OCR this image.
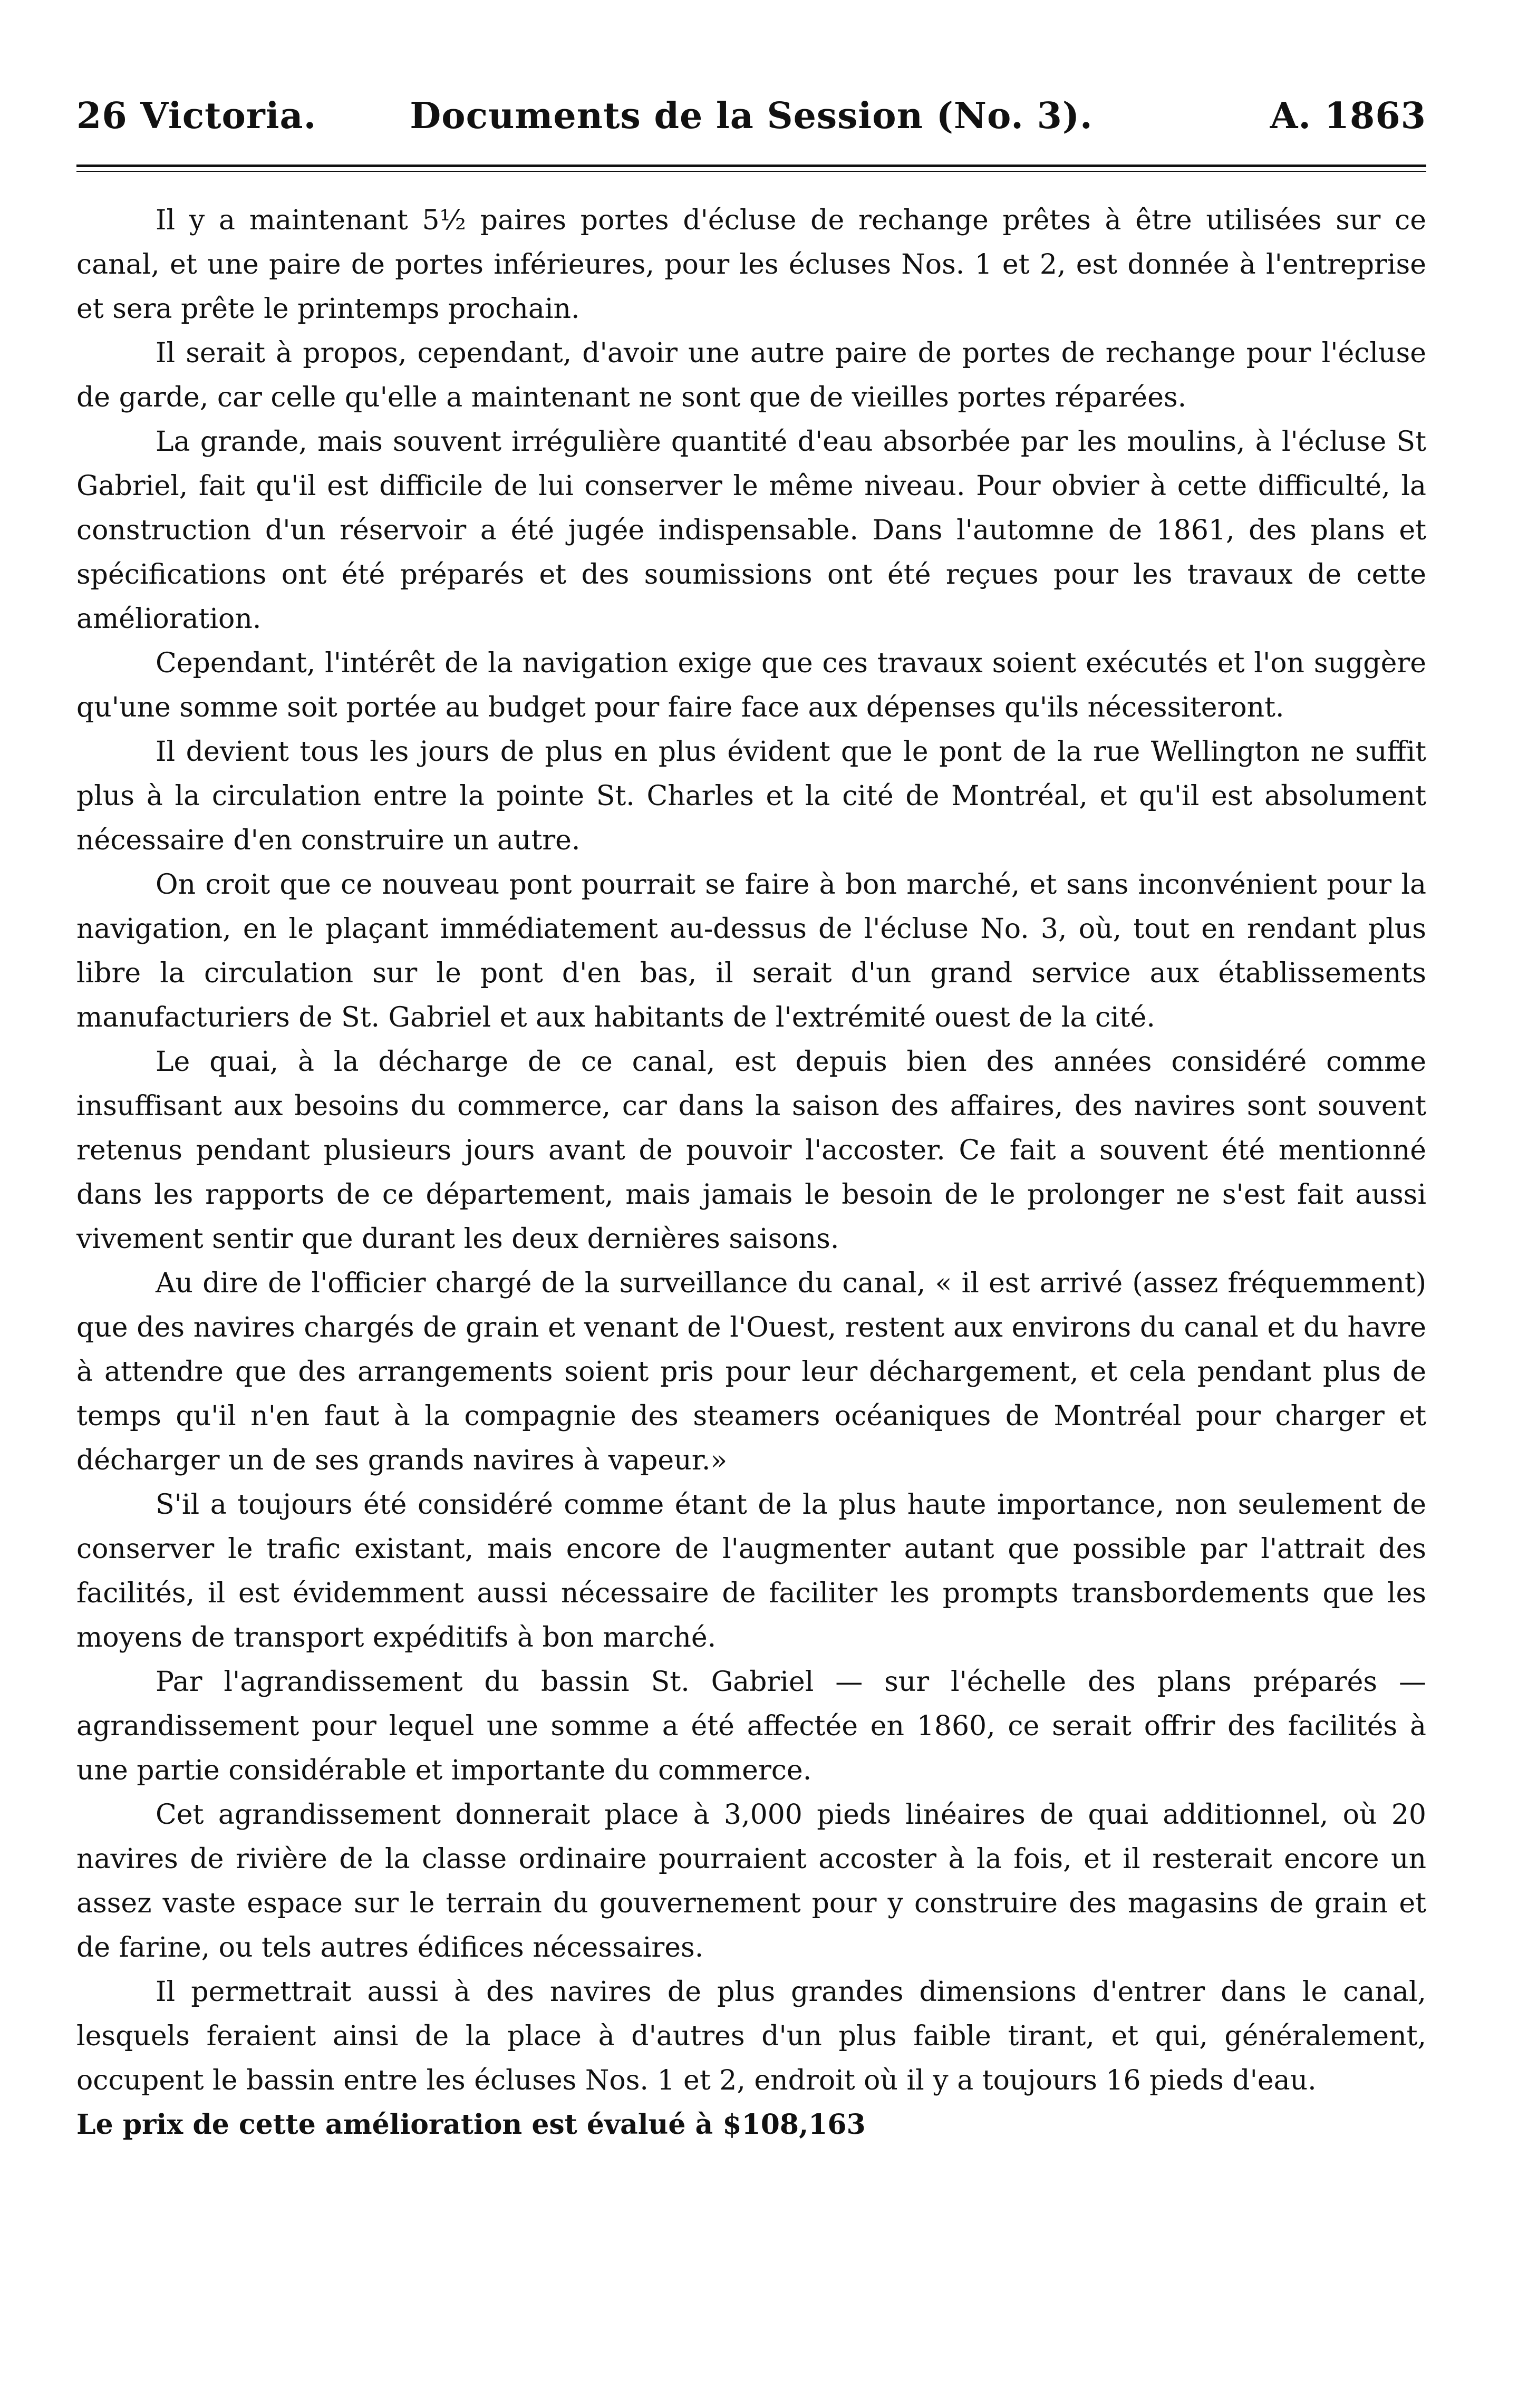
26 Victoria.	Documents de la Session (No. 3).	A. 1863

Il y a maintenant 5½ paires portes d'écluse de rechange prêtes à être utilisées sur ce canal, et une paire de portes inférieures, pour les écluses Nos. 1 et 2, est donnée à l'entreprise et sera prête le printemps prochain.

Il serait à propos, cependant, d'avoir une autre paire de portes de rechange pour l'écluse de garde, car celle qu'elle a maintenant ne sont que de vieilles portes réparées.

La grande, mais souvent irrégulière quantité d'eau absorbée par les moulins, à l'écluse St Gabriel, fait qu'il est difficile de lui conserver le même niveau. Pour obvier à cette difficulté, la construction d'un réservoir a été jugée indispensable. Dans l'automne de 1861, des plans et spécifications ont été préparés et des soumissions ont été reçues pour les travaux de cette amélioration.

Cependant, l'intérêt de la navigation exige que ces travaux soient exécutés et l'on suggère qu'une somme soit portée au budget pour faire face aux dépenses qu'ils nécessiteront.

Il devient tous les jours de plus en plus évident que le pont de la rue Wellington ne suffit plus à la circulation entre la pointe St. Charles et la cité de Montréal, et qu'il est absolument nécessaire d'en construire un autre.

On croit que ce nouveau pont pourrait se faire à bon marché, et sans inconvénient pour la navigation, en le plaçant immédiatement au-dessus de l'écluse No. 3, où, tout en rendant plus libre la circulation sur le pont d'en bas, il serait d'un grand service aux établissements manufacturiers de St. Gabriel et aux habitants de l'extrémité ouest de la cité.

Le quai, à la décharge de ce canal, est depuis bien des années considéré comme insuffisant aux besoins du commerce, car dans la saison des affaires, des navires sont souvent retenus pendant plusieurs jours avant de pouvoir l'accoster. Ce fait a souvent été mentionné dans les rapports de ce département, mais jamais le besoin de le prolonger ne s'est fait aussi vivement sentir que durant les deux dernières saisons.

Au dire de l'officier chargé de la surveillance du canal, « il est arrivé (assez fréquemment) que des navires chargés de grain et venant de l'Ouest, restent aux environs du canal et du havre à attendre que des arrangements soient pris pour leur déchargement, et cela pendant plus de temps qu'il n'en faut à la compagnie des steamers océaniques de Montréal pour charger et décharger un de ses grands navires à vapeur.»

S'il a toujours été considéré comme étant de la plus haute importance, non seulement de conserver le trafic existant, mais encore de l'augmenter autant que possible par l'attrait des facilités, il est évidemment aussi nécessaire de faciliter les prompts transbordements que les moyens de transport expéditifs à bon marché.

Par l'agrandissement du bassin St. Gabriel — sur l'échelle des plans préparés — agrandissement pour lequel une somme a été affectée en 1860, ce serait offrir des facilités à une partie considérable et importante du commerce.

Cet agrandissement donnerait place à 3,000 pieds linéaires de quai additionnel, où 20 navires de rivière de la classe ordinaire pourraient accoster à la fois, et il resterait encore un assez vaste espace sur le terrain du gouvernement pour y construire des magasins de grain et de farine, ou tels autres édifices nécessaires.

Il permettrait aussi à des navires de plus grandes dimensions d'entrer dans le canal, lesquels feraient ainsi de la place à d'autres d'un plus faible tirant, et qui, généralement, occupent le bassin entre les écluses Nos. 1 et 2, endroit où il y a toujours 16 pieds d'eau.

Le prix de cette amélioration est évalué à $108,163
